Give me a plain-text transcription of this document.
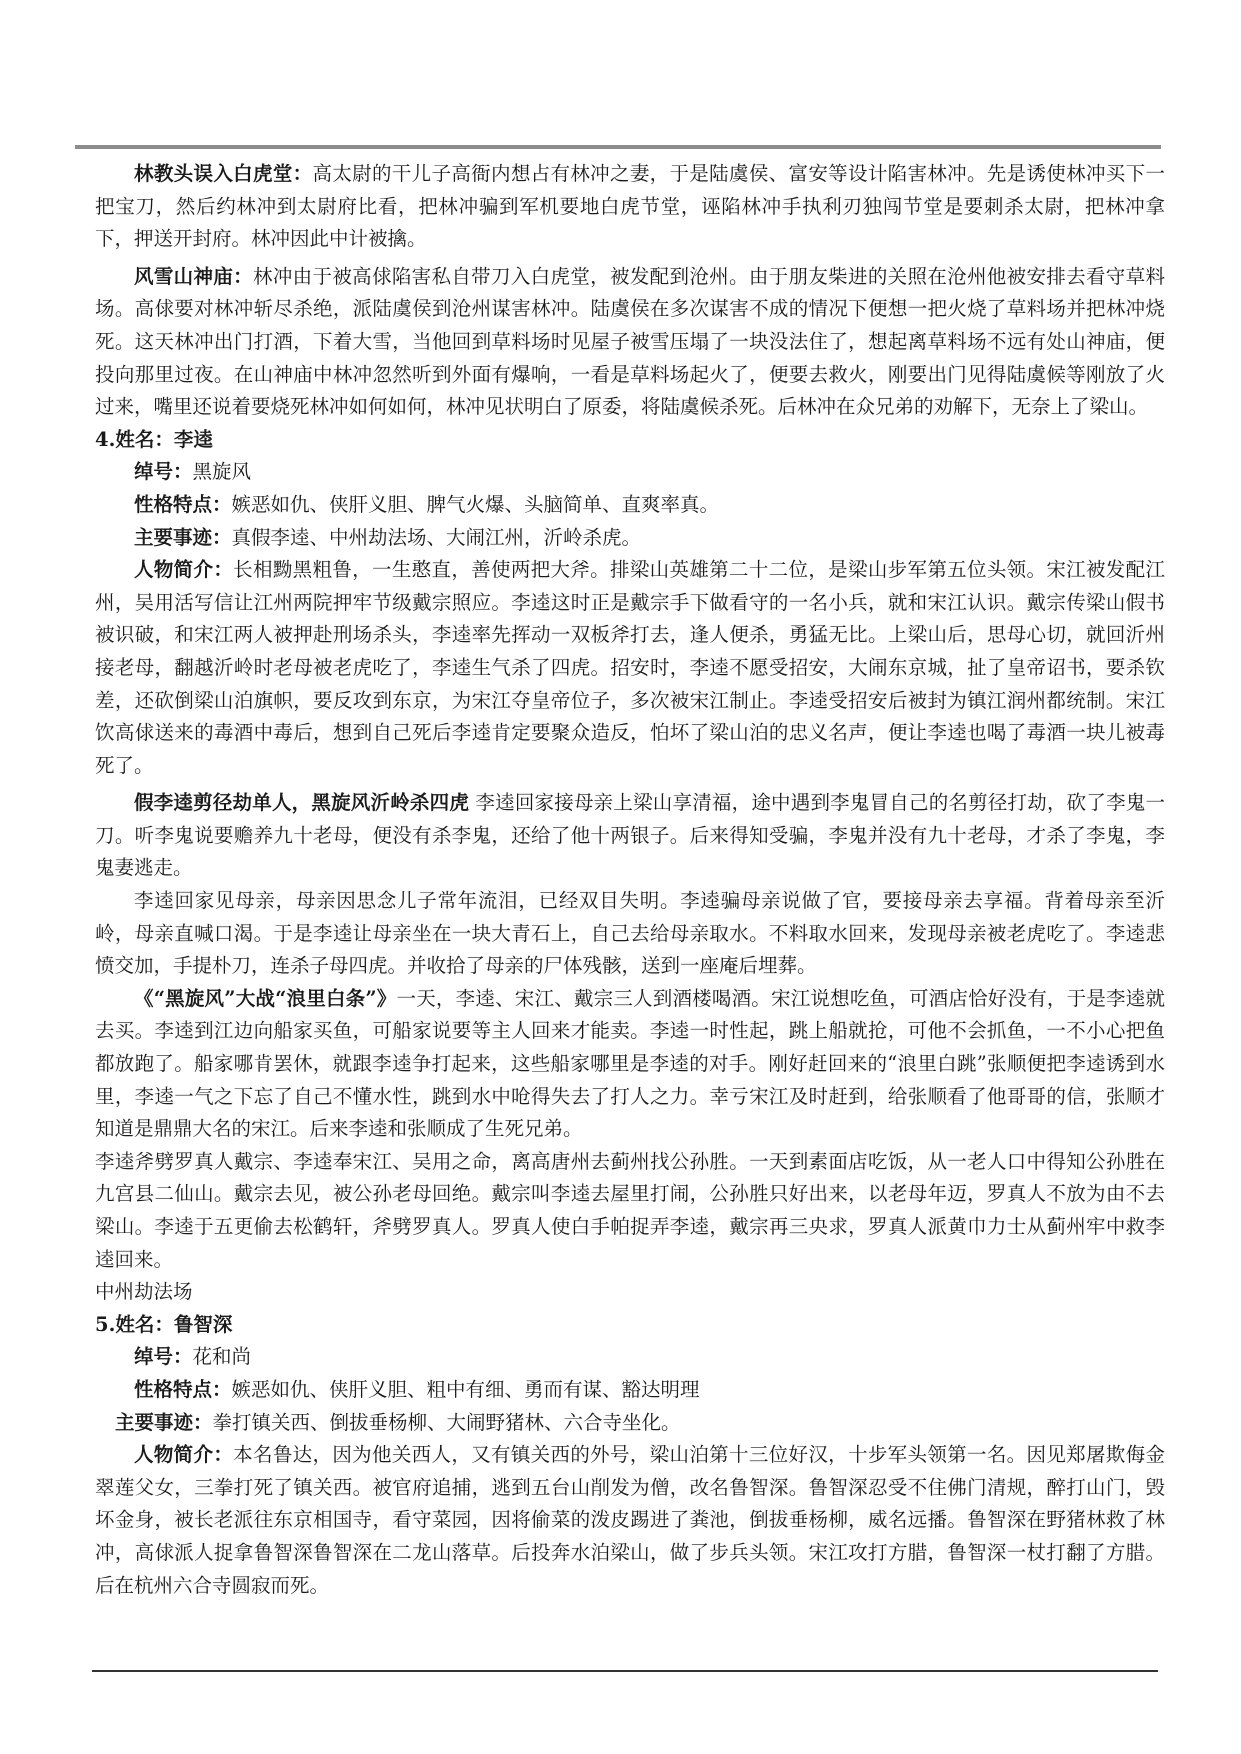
林教头误入白虎堂：高太尉的干儿子高衙内想占有林冲之妻，于是陆虞侯、富安等设计陷害林冲。先是诱使林冲买下一把宝刀，然后约林冲到太尉府比看，把林冲骗到军机要地白虎节堂，诬陷林冲手执利刃独闯节堂是要刺杀太尉，把林冲拿下，押送开封府。林冲因此中计被擒。

风雪山神庙：林冲由于被高俅陷害私自带刀入白虎堂，被发配到沧州。由于朋友柴进的关照在沧州他被安排去看守草料场。高俅要对林冲斩尽杀绝，派陆虞侯到沧州谋害林冲。陆虞侯在多次谋害不成的情况下便想一把火烧了草料场并把林冲烧死。这天林冲出门打酒，下着大雪，当他回到草料场时见屋子被雪压塌了一块没法住了，想起离草料场不远有处山神庙，便投向那里过夜。在山神庙中林冲忽然听到外面有爆响，一看是草料场起火了，便要去救火，刚要出门见得陆虞候等刚放了火过来，嘴里还说着要烧死林冲如何如何，林冲见状明白了原委，将陆虞候杀死。后林冲在众兄弟的劝解下，无奈上了梁山。

4.姓名：李逵

绰号：黑旋风

性格特点：嫉恶如仇、侠肝义胆、脾气火爆、头脑简单、直爽率真。

主要事迹：真假李逵、中州劫法场、大闹江州，沂岭杀虎。

人物简介：长相黝黑粗鲁，一生憨直，善使两把大斧。排梁山英雄第二十二位，是梁山步军第五位头领。宋江被发配江州，吴用活写信让江州两院押牢节级戴宗照应。李逵这时正是戴宗手下做看守的一名小兵，就和宋江认识。戴宗传梁山假书被识破，和宋江两人被押赴刑场杀头，李逵率先挥动一双板斧打去，逢人便杀，勇猛无比。上梁山后，思母心切，就回沂州接老母，翻越沂岭时老母被老虎吃了，李逵生气杀了四虎。招安时，李逵不愿受招安，大闹东京城，扯了皇帝诏书，要杀钦差，还砍倒梁山泊旗帜，要反攻到东京，为宋江夺皇帝位子，多次被宋江制止。李逵受招安后被封为镇江润州都统制。宋江饮高俅送来的毒酒中毒后，想到自己死后李逵肯定要聚众造反，怕坏了梁山泊的忠义名声，便让李逵也喝了毒酒一块儿被毒死了。

假李逵剪径劫单人，黑旋风沂岭杀四虎 李逵回家接母亲上梁山享清福，途中遇到李鬼冒自己的名剪径打劫，砍了李鬼一刀。听李鬼说要赡养九十老母，便没有杀李鬼，还给了他十两银子。后来得知受骗，李鬼并没有九十老母，才杀了李鬼，李鬼妻逃走。

李逵回家见母亲，母亲因思念儿子常年流泪，已经双目失明。李逵骗母亲说做了官，要接母亲去享福。背着母亲至沂岭，母亲直喊口渴。于是李逵让母亲坐在一块大青石上，自己去给母亲取水。不料取水回来，发现母亲被老虎吃了。李逵悲愤交加，手提朴刀，连杀子母四虎。并收拾了母亲的尸体残骸，送到一座庵后埋葬。

《“黑旋风”大战“浪里白条”》一天，李逵、宋江、戴宗三人到酒楼喝酒。宋江说想吃鱼，可酒店恰好没有，于是李逵就去买。李逵到江边向船家买鱼，可船家说要等主人回来才能卖。李逵一时性起，跳上船就抢，可他不会抓鱼，一不小心把鱼都放跑了。船家哪肯罢休，就跟李逵争打起来，这些船家哪里是李逵的对手。刚好赶回来的“浪里白跳”张顺便把李逵诱到水里，李逵一气之下忘了自己不懂水性，跳到水中呛得失去了打人之力。幸亏宋江及时赶到，给张顺看了他哥哥的信，张顺才知道是鼎鼎大名的宋江。后来李逵和张顺成了生死兄弟。

李逵斧劈罗真人戴宗、李逵奉宋江、吴用之命，离高唐州去蓟州找公孙胜。一天到素面店吃饭，从一老人口中得知公孙胜在九宫县二仙山。戴宗去见，被公孙老母回绝。戴宗叫李逵去屋里打闹，公孙胜只好出来，以老母年迈，罗真人不放为由不去梁山。李逵于五更偷去松鹤轩，斧劈罗真人。罗真人使白手帕捉弄李逵，戴宗再三央求，罗真人派黄巾力士从蓟州牢中救李逵回来。

中州劫法场

5.姓名：鲁智深

绰号：花和尚

性格特点：嫉恶如仇、侠肝义胆、粗中有细、勇而有谋、豁达明理

主要事迹：拳打镇关西、倒拔垂杨柳、大闹野猪林、六合寺坐化。

人物简介：本名鲁达，因为他关西人，又有镇关西的外号，梁山泊第十三位好汉，十步军头领第一名。因见郑屠欺侮金翠莲父女，三拳打死了镇关西。被官府追捕，逃到五台山削发为僧，改名鲁智深。鲁智深忍受不住佛门清规，醉打山门，毁坏金身，被长老派往东京相国寺，看守菜园，因将偷菜的泼皮踢进了粪池，倒拔垂杨柳，威名远播。鲁智深在野猪林救了林冲，高俅派人捉拿鲁智深鲁智深在二龙山落草。后投奔水泊梁山，做了步兵头领。宋江攻打方腊，鲁智深一杖打翻了方腊。后在杭州六合寺圆寂而死。
